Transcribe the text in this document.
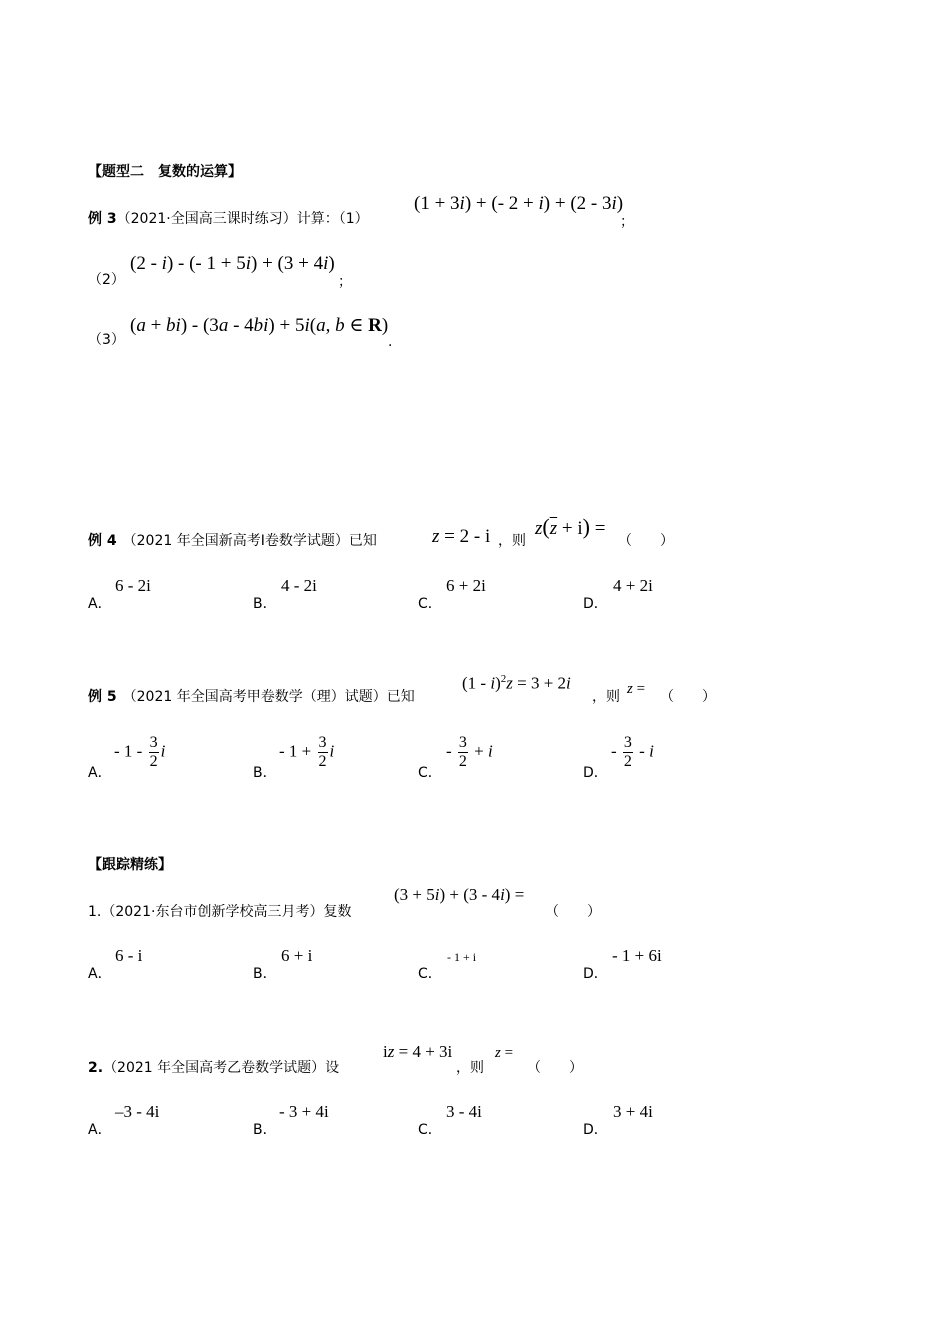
【题型二　复数的运算】
例 3（2021·全国高三课时练习）计算：（1）
(1 + 3i) + (- 2 + i) + (2 - 3i)
；
（2）
(2 - i) - (- 1 + 5i) + (3 + 4i)
；
（3）
(a + bi) - (3a - 4bi) + 5i(a, b ∈ R)
.
例 4 （2021 年全国新高考Ⅰ卷数学试题）已知	z = 2 - i ，则
$z(\overline{z} + i)$ =
（　　）
A．
6 - 2i
B．
4 - 2i
C．
6 + 2i
D．
4 + 2i
例 5 （2021 年全国高考甲卷数学（理）试题）已知
(1 - i)$^2$z = 3 + 2i
，则 z = （　　）
A．
- $1 - \frac{3}{2}$ i
B．
- $1 + \frac{3}{2}$ i
C．
- $\frac{3}{2} + i$
D．
- $\frac{3}{2}$ - i
【跟踪精练】
1.（2021·东台市创新学校高三月考）复数
(3 + 5i) + (3 - 4i) =
（　　）
A．
6 - i
B．
6 + i
C．
- 1 + i
D．
- 1 + 6i
2.（2021 年全国高考乙卷数学试题）设
iz = 4 + 3i
，则
z =
（　　）
A．
–3 - 4i
B．
- 3 + 4i
C．
3 - 4i
D．
3 + 4i
